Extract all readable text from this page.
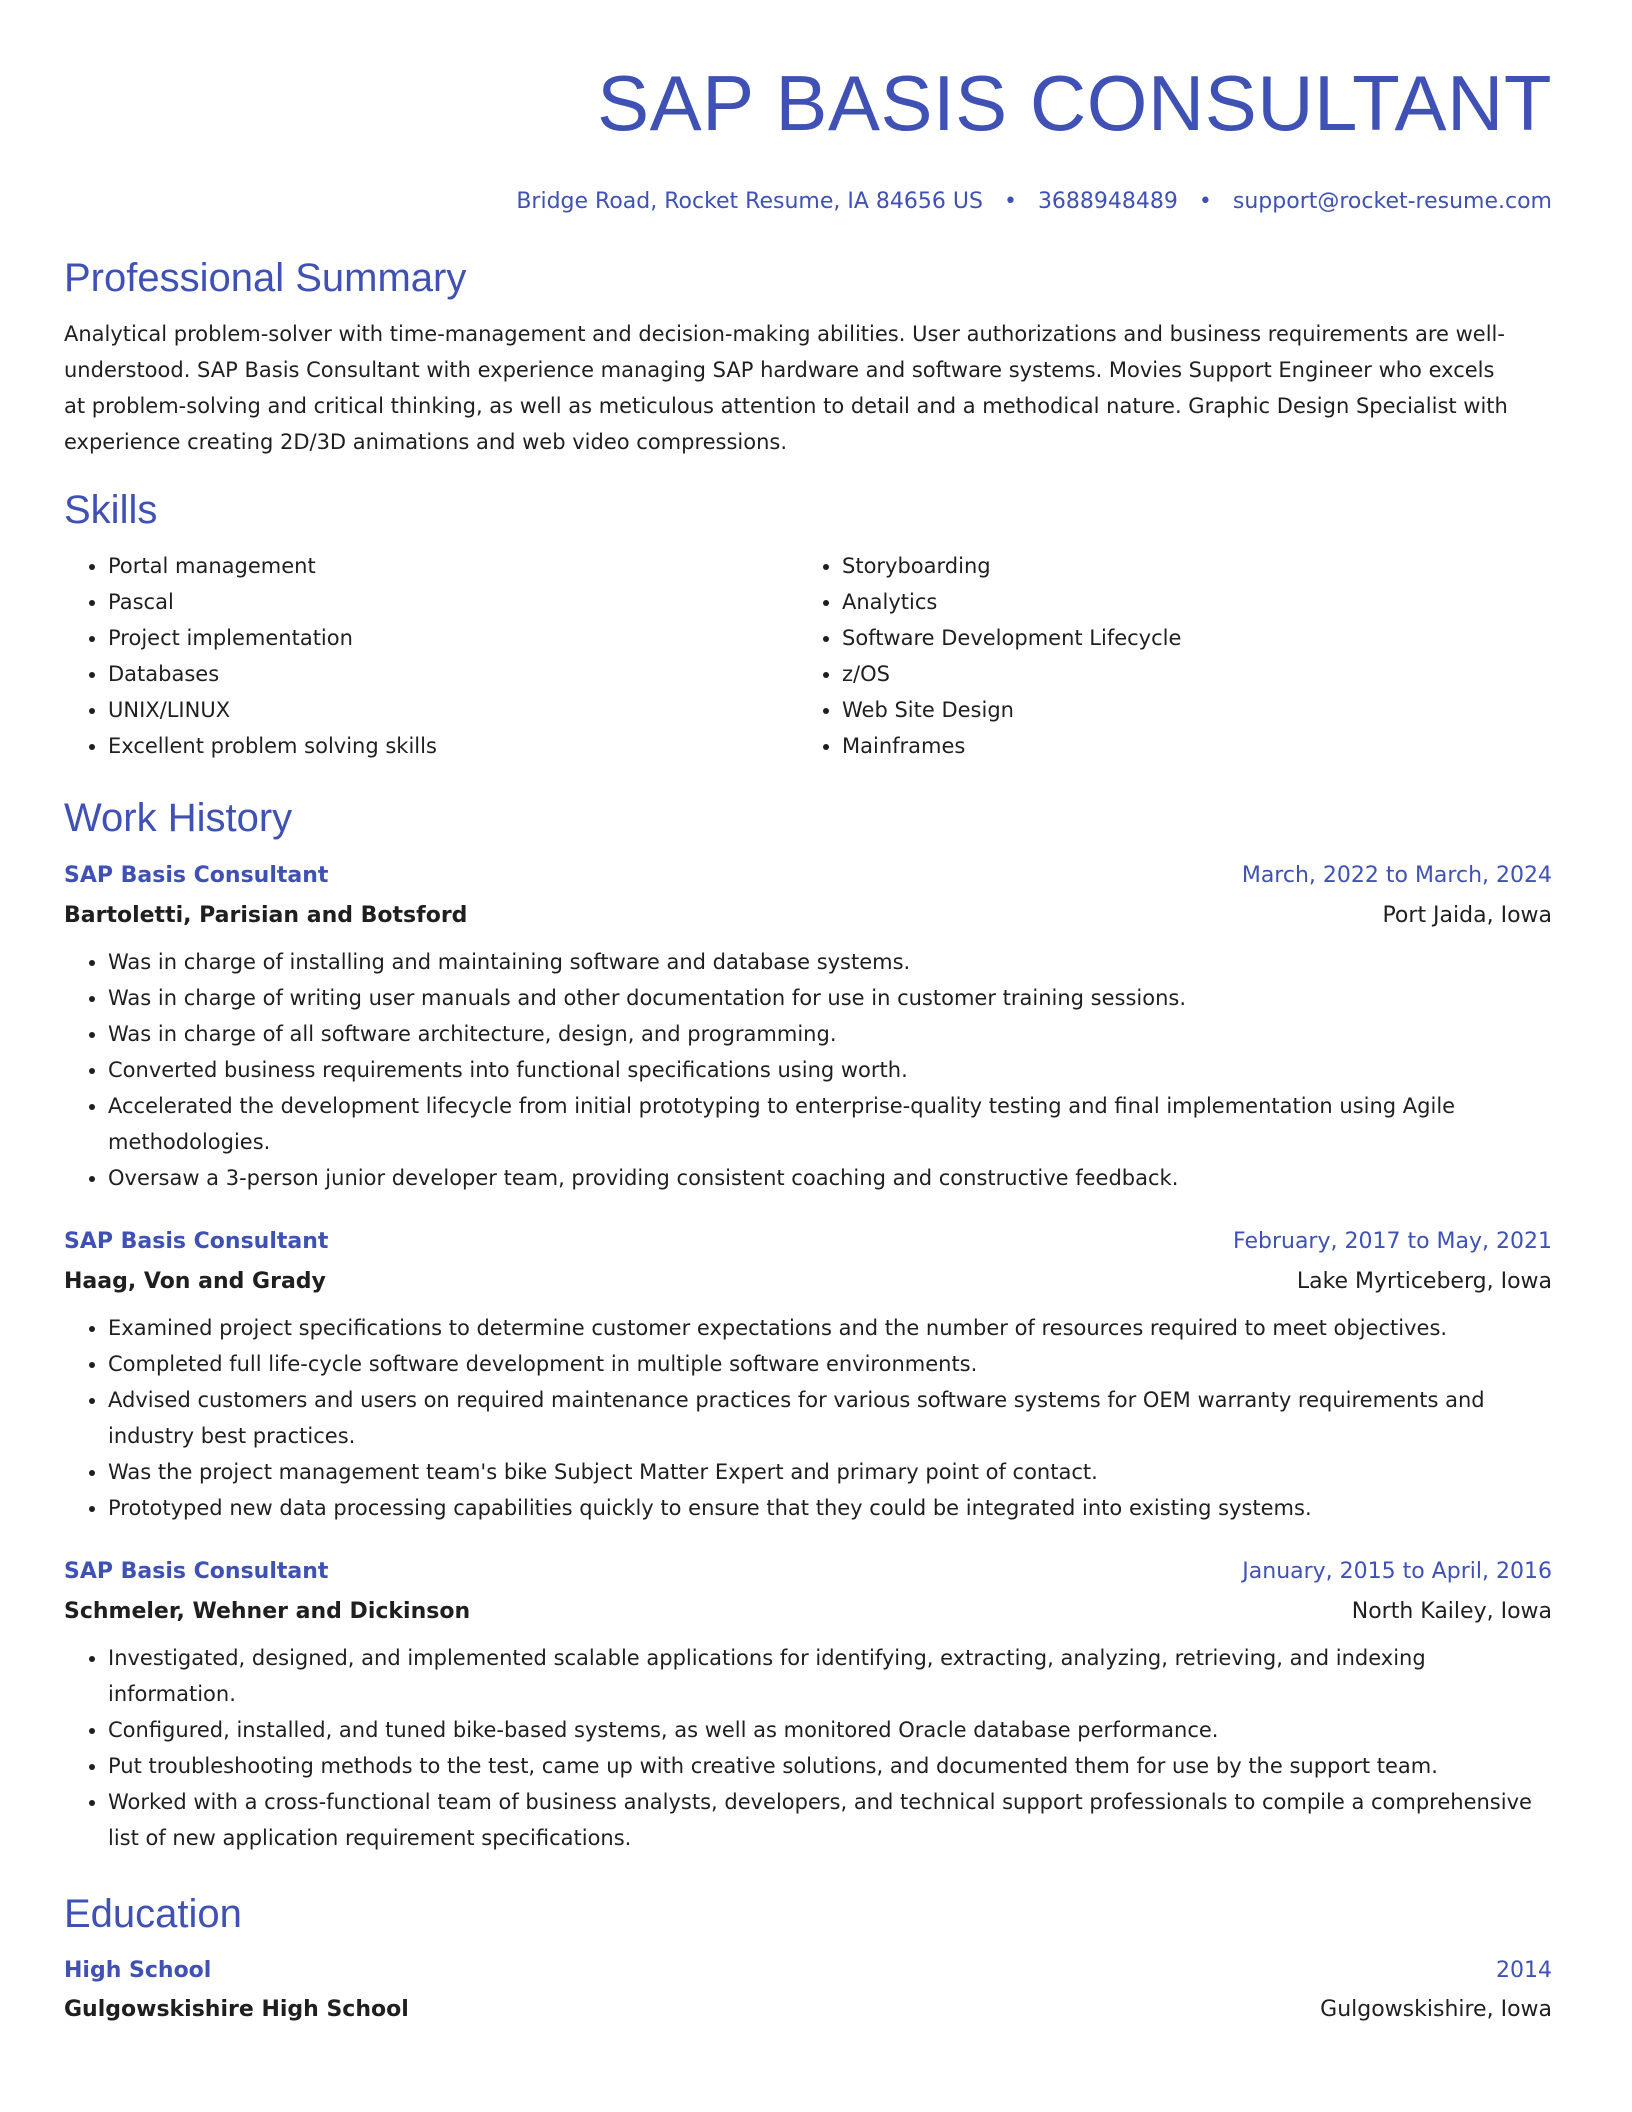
SAP BASIS CONSULTANT
Bridge Road, Rocket Resume, IA 84656 US • 3688948489 • support@rocket-resume.com
Professional Summary

Analytical problem-solver with time-management and decision-making abilities. User authorizations and business requirements are well-understood. SAP Basis Consultant with experience managing SAP hardware and software systems. Movies Support Engineer who excels at problem-solving and critical thinking, as well as meticulous attention to detail and a methodical nature. Graphic Design Specialist with experience creating 2D/3D animations and web video compressions.

Skills
• Portal management
• Pascal
• Project implementation
• Databases
• UNIX/LINUX
• Excellent problem solving skills
• Storyboarding
• Analytics
• Software Development Lifecycle
• z/OS
• Web Site Design
• Mainframes
Work History
SAP Basis Consultant	March, 2022 to March, 2024
Bartoletti, Parisian and Botsford	Port Jaida, Iowa
• Was in charge of installing and maintaining software and database systems.
• Was in charge of writing user manuals and other documentation for use in customer training sessions.
• Was in charge of all software architecture, design, and programming.
• Converted business requirements into functional specifications using worth.
• Accelerated the development lifecycle from initial prototyping to enterprise-quality testing and final implementation using Agile methodologies.
• Oversaw a 3-person junior developer team, providing consistent coaching and constructive feedback.
SAP Basis Consultant	February, 2017 to May, 2021
Haag, Von and Grady	Lake Myrticeberg, Iowa
• Examined project specifications to determine customer expectations and the number of resources required to meet objectives.
• Completed full life-cycle software development in multiple software environments.
• Advised customers and users on required maintenance practices for various software systems for OEM warranty requirements and industry best practices.
• Was the project management team's bike Subject Matter Expert and primary point of contact.
• Prototyped new data processing capabilities quickly to ensure that they could be integrated into existing systems.
SAP Basis Consultant	January, 2015 to April, 2016
Schmeler, Wehner and Dickinson	North Kailey, Iowa
• Investigated, designed, and implemented scalable applications for identifying, extracting, analyzing, retrieving, and indexing information.
• Configured, installed, and tuned bike-based systems, as well as monitored Oracle database performance.
• Put troubleshooting methods to the test, came up with creative solutions, and documented them for use by the support team.
• Worked with a cross-functional team of business analysts, developers, and technical support professionals to compile a comprehensive list of new application requirement specifications.
Education
High School	2014
Gulgowskishire High School	Gulgowskishire, Iowa
